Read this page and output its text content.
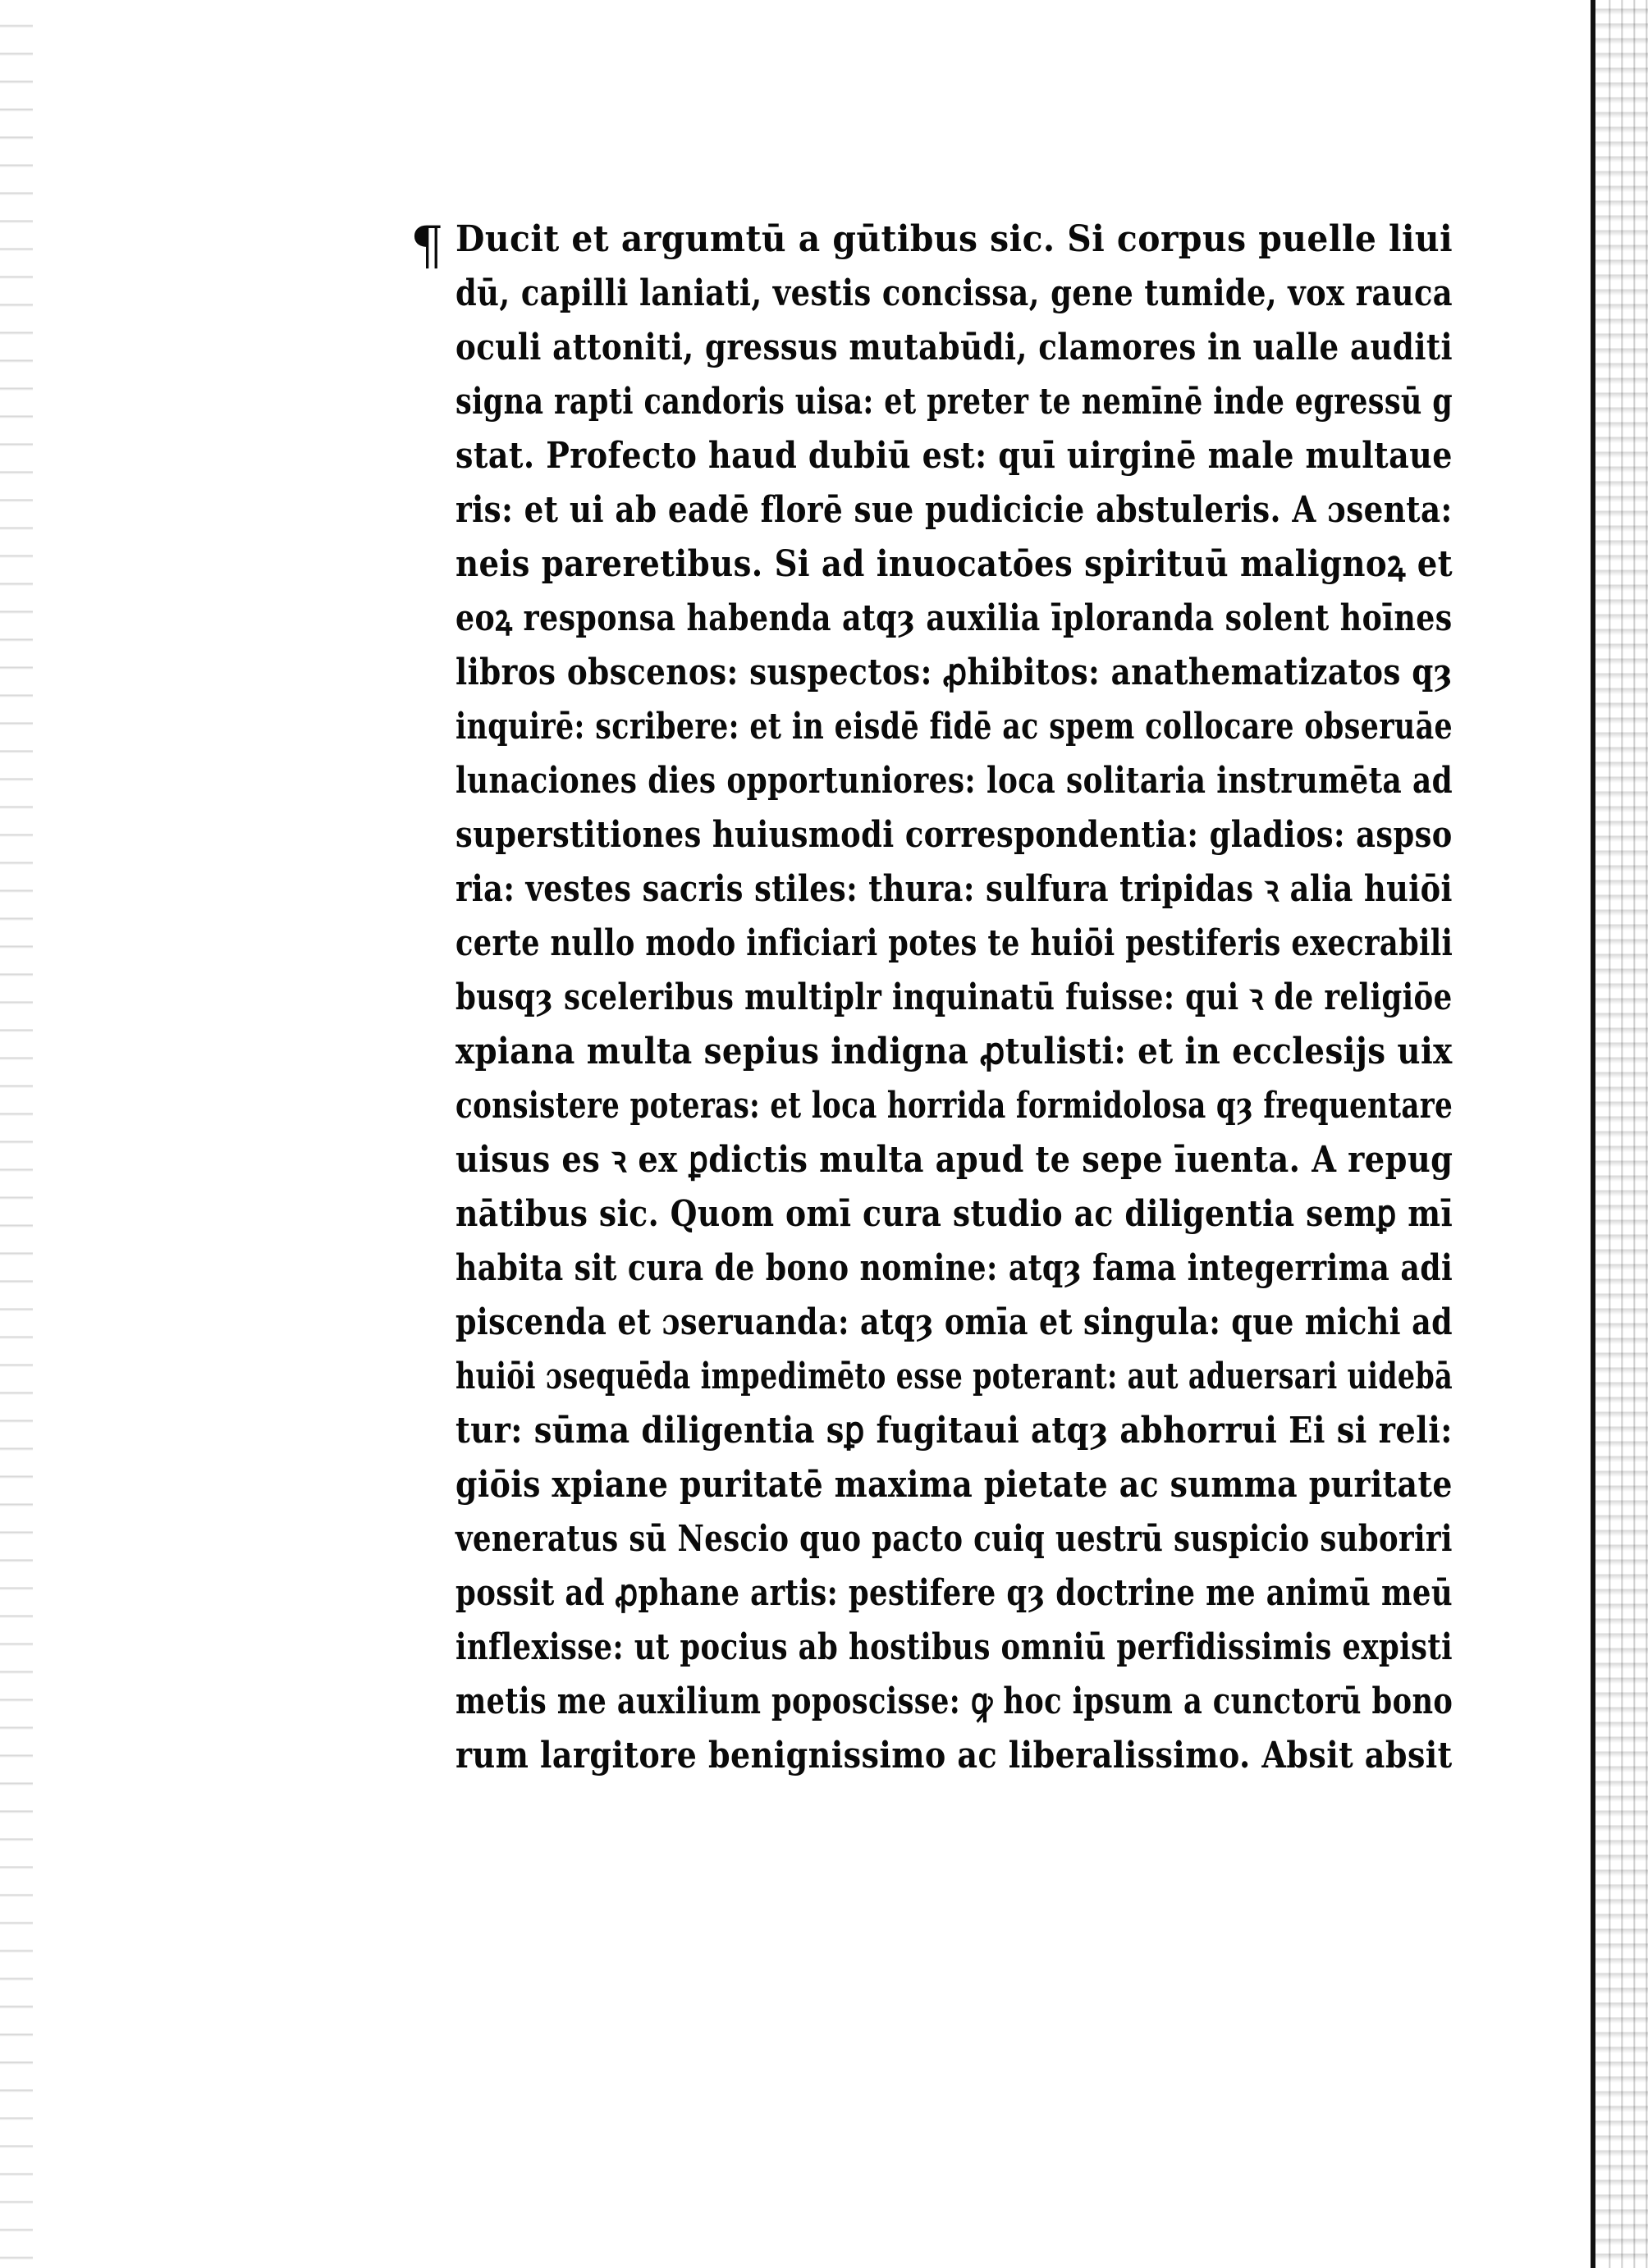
¶ Ducit et argumtū a gūtibus sic. Si corpus puelle liui
dū, capilli laniati, vestis concissa, gene tumide, vox rauca
oculi attoniti, gressus mutabūdi, clamores in ualle auditi
signa rapti candoris uisa: et preter te nemīnē inde egressū g
stat. Profecto haud dubiū est: quī uirginē male multaue
ris: et ui ab eadē florē sue pudicicie abstuleris. A ɔsenta:
neis pareretibus. Si ad inuocatōes spirituū malignoꝝ et
eoꝝ responsa habenda atqȝ auxilia īploranda solent hoīnes
libros obscenos: suspectos: ꝓhibitos: anathematizatos qȝ
inquirē: scribere: et in eisdē fidē ac spem collocare obseruāe
lunaciones dies opportuniores: loca solitaria instrumēta ad
superstitiones huiusmodi correspondentia: gladios: aspso
ria: vestes sacris stiles: thura: sulfura tripidas ꝛ alia huiōi
certe nullo modo inficiari potes te huiōi pestiferis execrabili
busqȝ sceleribus multiplr inquinatū fuisse: qui ꝛ de religiōe
xpiana multa sepius indigna ꝓtulisti: et in ecclesijs uix
consistere poteras: et loca horrida formidolosa qȝ frequentare
uisus es ꝛ ex ꝑdictis multa apud te sepe īuenta. A repug
nātibus sic. Quom omī cura studio ac diligentia semꝑ mī
habita sit cura de bono nomine: atqȝ fama integerrima adi
piscenda et ɔseruanda: atqȝ omīa et singula: que michi ad
huiōi ɔsequēda impedimēto esse poterant: aut aduersari uidebā
tur: sūma diligentia sꝑ fugitaui atqȝ abhorrui Ei si reli:
giōis xpiane puritatē maxima pietate ac summa puritate
veneratus sū Nescio quo pacto cuiq uestrū suspicio suboriri
possit ad ꝓphane artis: pestifere qȝ doctrine me animū meū
inflexisse: ut pocius ab hostibus omniū perfidissimis expisti
metis me auxilium poposcisse: ꝙ hoc ipsum a cunctorū bono
rum largitore benignissimo ac liberalissimo. Absit absit
